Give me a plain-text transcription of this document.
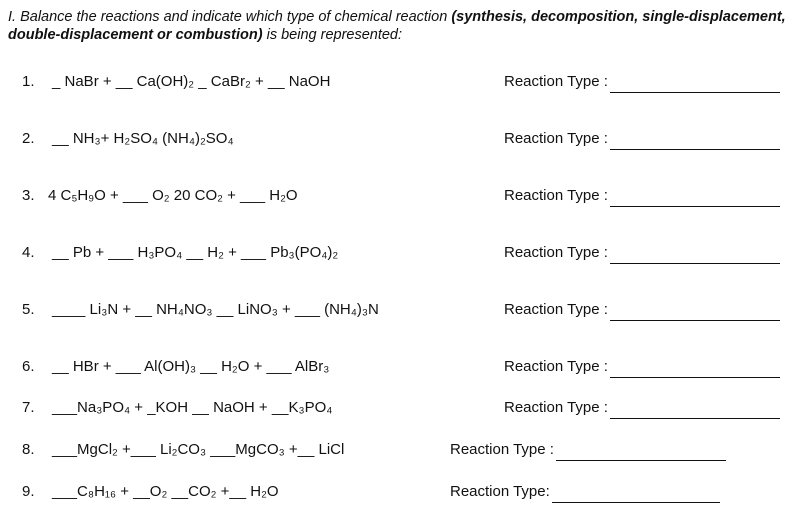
I. Balance the reactions and indicate which type of chemical reaction (synthesis, decomposition, single-displacement, double-displacement or combustion) is being represented:

1. _ NaBr + __ Ca(OH)₂ _ CaBr₂ + __ NaOH	Reaction Type :
2. __ NH₃+ H₂SO₄ (NH₄)₂SO₄	Reaction Type :
3. 4 C₅H₉O + ___ O₂ 20 CO₂ + ___ H₂O	Reaction Type :
4. __ Pb + ___ H₃PO₄ __ H₂ + ___ Pb₃(PO₄)₂	Reaction Type :
5. ____ Li₃N + __ NH₄NO₃ __ LiNO₃ + ___ (NH₄)₃N	Reaction Type :
6. __ HBr + ___ Al(OH)₃ __ H₂O + ___ AlBr₃	Reaction Type :
7. ___Na₃PO₄ + _KOH __ NaOH + __K₃PO₄	Reaction Type :
8. ___MgCl₂ +___ Li₂CO₃ ___MgCO₃ +__ LiCl	Reaction Type :
9. ___C₈H₁₆ + __O₂ __CO₂ +__ H₂O	Reaction Type:
